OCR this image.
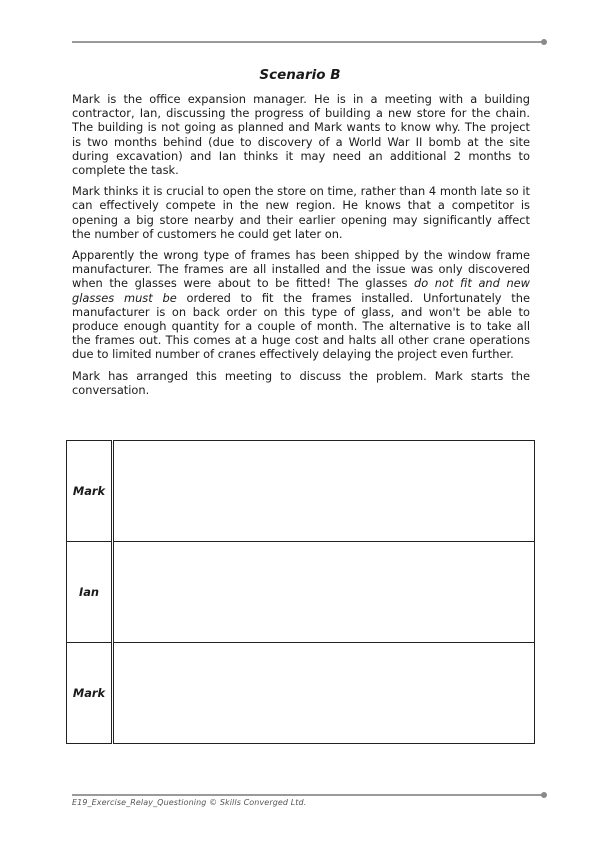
Scenario B

Mark is the office expansion manager. He is in a meeting with a building contractor, Ian, discussing the progress of building a new store for the chain. The building is not going as planned and Mark wants to know why. The project is two months behind (due to discovery of a World War II bomb at the site during excavation) and Ian thinks it may need an additional 2 months to complete the task.

Mark thinks it is crucial to open the store on time, rather than 4 month late so it can effectively compete in the new region. He knows that a competitor is opening a big store nearby and their earlier opening may significantly affect the number of customers he could get later on.

Apparently the wrong type of frames has been shipped by the window frame manufacturer. The frames are all installed and the issue was only discovered when the glasses were about to be fitted! The glasses do not fit and new glasses must be ordered to fit the frames installed. Unfortunately the manufacturer is on back order on this type of glass, and won't be able to produce enough quantity for a couple of month. The alternative is to take all the frames out. This comes at a huge cost and halts all other crane operations due to limited number of cranes effectively delaying the project even further.

Mark has arranged this meeting to discuss the problem. Mark starts the conversation.

Mark	
Ian	
Mark	
E19_Exercise_Relay_Questioning © Skills Converged Ltd.
